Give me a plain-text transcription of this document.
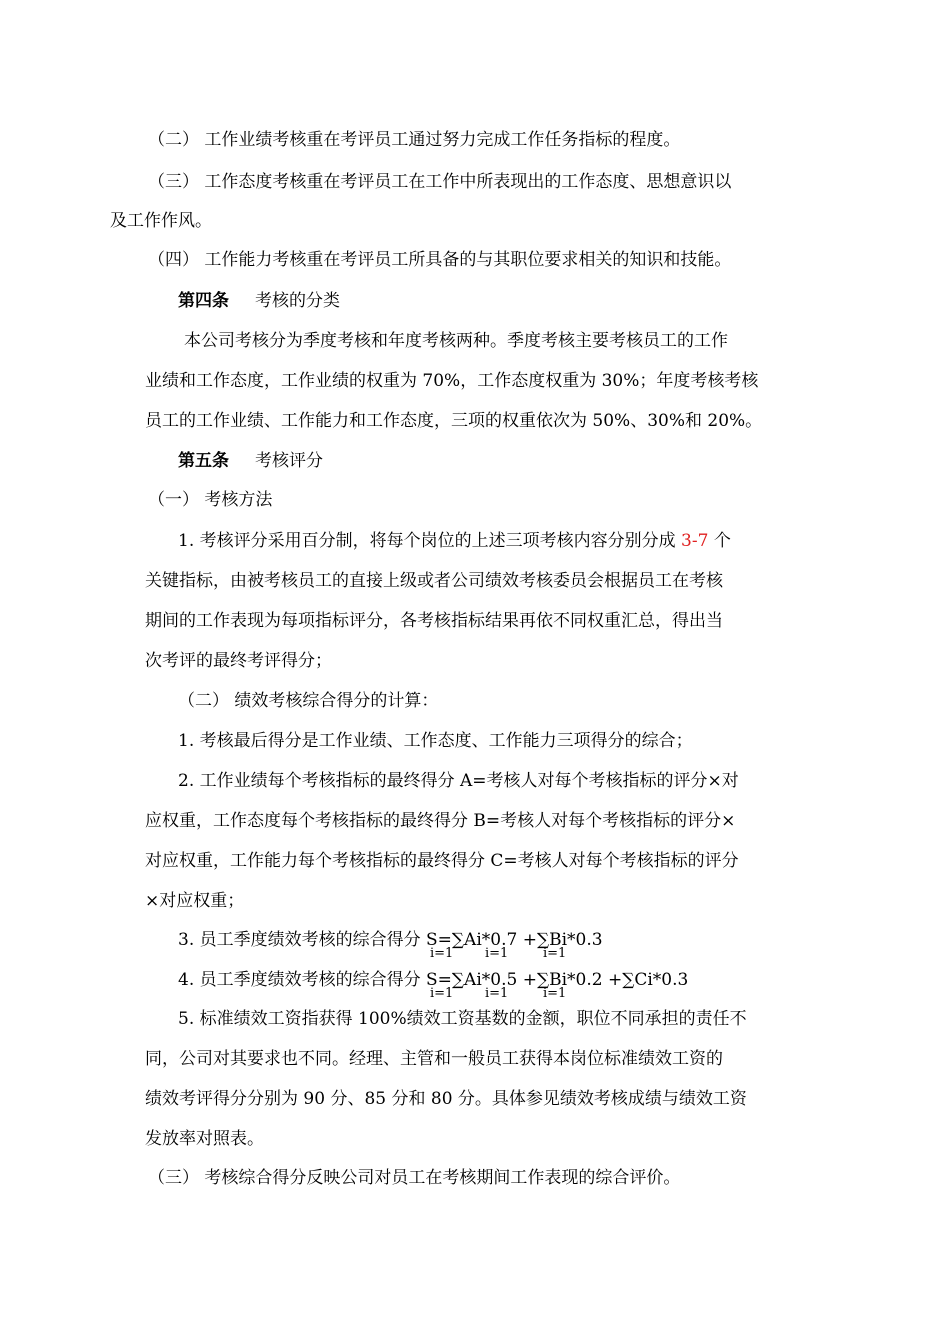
（二） 工作业绩考核重在考评员工通过努力完成工作任务指标的程度。
（三） 工作态度考核重在考评员工在工作中所表现出的工作态度、思想意识以
及工作作风。
（四） 工作能力考核重在考评员工所具备的与其职位要求相关的知识和技能。
第四条 考核的分类
本公司考核分为季度考核和年度考核两种。季度考核主要考核员工的工作
业绩和工作态度，工作业绩的权重为 70%，工作态度权重为 30%；年度考核考核
员工的工作业绩、工作能力和工作态度，三项的权重依次为 50%、30%和 20%。
第五条 考核评分
（一） 考核方法
1. 考核评分采用百分制，将每个岗位的上述三项考核内容分别分成 3-7 个
关键指标，由被考核员工的直接上级或者公司绩效考核委员会根据员工在考核
期间的工作表现为每项指标评分，各考核指标结果再依不同权重汇总，得出当
次考评的最终考评得分；
（二） 绩效考核综合得分的计算：
1. 考核最后得分是工作业绩、工作态度、工作能力三项得分的综合；
2. 工作业绩每个考核指标的最终得分 A=考核人对每个考核指标的评分×对
应权重，工作态度每个考核指标的最终得分 B=考核人对每个考核指标的评分×
对应权重，工作能力每个考核指标的最终得分 C=考核人对每个考核指标的评分
×对应权重；
3. 员工季度绩效考核的综合得分 S=∑Ai*0.7 +∑Bi*0.3
i=1 i=1	i=1
4. 员工季度绩效考核的综合得分 S=∑Ai*0.5 +∑Bi*0.2 +∑Ci*0.3
i=1 i=1	i=1
5. 标准绩效工资指获得 100%绩效工资基数的金额，职位不同承担的责任不
同，公司对其要求也不同。经理、主管和一般员工获得本岗位标准绩效工资的
绩效考评得分分别为 90 分、85 分和 80 分。具体参见绩效考核成绩与绩效工资
发放率对照表。
（三） 考核综合得分反映公司对员工在考核期间工作表现的综合评价。
